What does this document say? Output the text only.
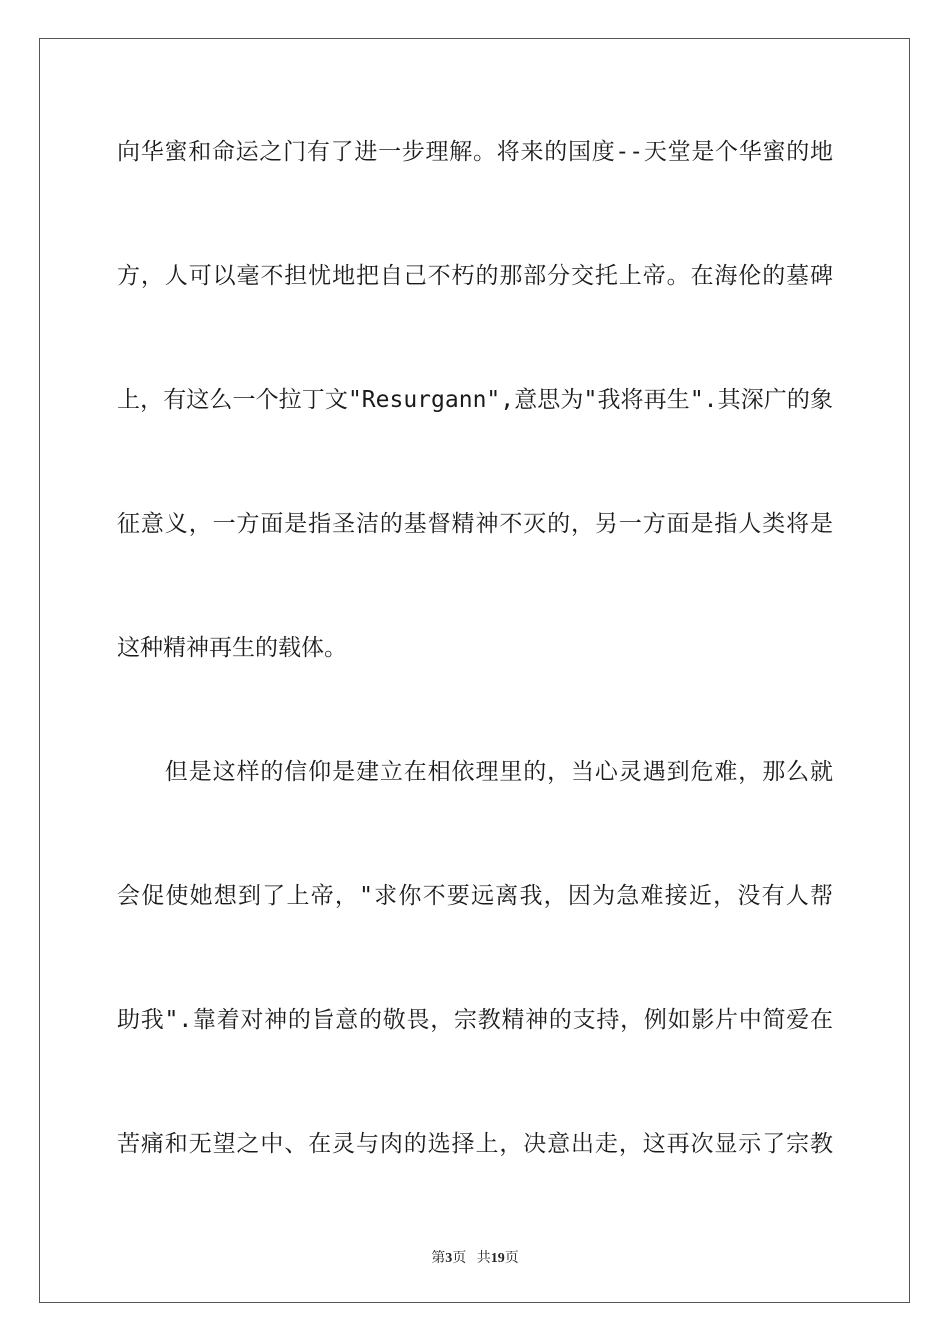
向华蜜和命运之门有了进一步理解。将来的国度--天堂是个华蜜的地
方，人可以毫不担忧地把自己不朽的那部分交托上帝。在海伦的墓碑
上，有这么一个拉丁文"Resurgann",意思为"我将再生".其深广的象
征意义，一方面是指圣洁的基督精神不灭的，另一方面是指人类将是
这种精神再生的载体。
　　但是这样的信仰是建立在相依理里的，当心灵遇到危难，那么就
会促使她想到了上帝，"求你不要远离我，因为急难接近，没有人帮
助我".靠着对神的旨意的敬畏，宗教精神的支持，例如影片中简爱在
苦痛和无望之中、在灵与肉的选择上，决意出走，这再次显示了宗教
第3页 共19页
